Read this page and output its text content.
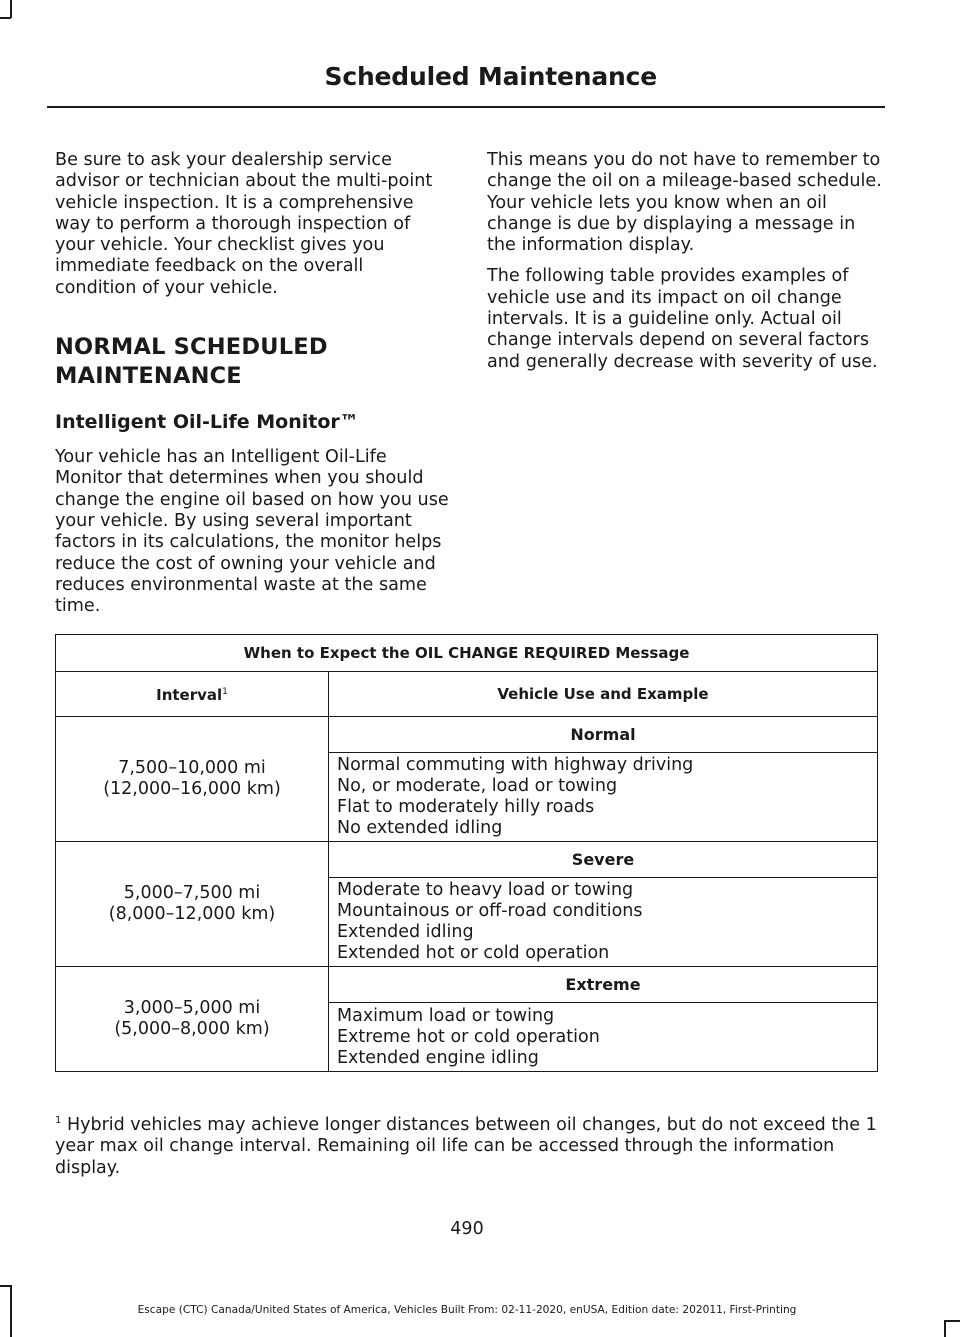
Scheduled Maintenance

Be sure to ask your dealership service advisor or technician about the multi-point vehicle inspection. It is a comprehensive way to perform a thorough inspection of your vehicle. Your checklist gives you immediate feedback on the overall condition of your vehicle.

NORMAL SCHEDULED
MAINTENANCE
Intelligent Oil-Life Monitor™

Your vehicle has an Intelligent Oil-Life Monitor that determines when you should change the engine oil based on how you use your vehicle. By using several important factors in its calculations, the monitor helps reduce the cost of owning your vehicle and reduces environmental waste at the same time.

This means you do not have to remember to change the oil on a mileage-based schedule. Your vehicle lets you know when an oil change is due by displaying a message in the information display.

The following table provides examples of vehicle use and its impact on oil change intervals. It is a guideline only. Actual oil change intervals depend on several factors and generally decrease with severity of use.

When to Expect the OIL CHANGE REQUIRED Message	
Interval$^1$	Vehicle Use and Example

7,500–10,000 mi
(12,000–16,000 km)	Normal

	Normal commuting with highway driving
No, or moderate, load or towing
Flat to moderately hilly roads
No extended idling

5,000–7,500 mi
(8,000–12,000 km)	Severe

	Moderate to heavy load or towing
Mountainous or off-road conditions
Extended idling
Extended hot or cold operation

3,000–5,000 mi
(5,000–8,000 km)	Extreme

	Maximum load or towing
Extreme hot or cold operation
Extended engine idling
$^1$ Hybrid vehicles may achieve longer distances between oil changes, but do not exceed the 1 year max oil change interval. Remaining oil life can be accessed through the information display.
490
Escape (CTC) Canada/United States of America, Vehicles Built From: 02-11-2020, enUSA, Edition date: 202011, First-Printing
